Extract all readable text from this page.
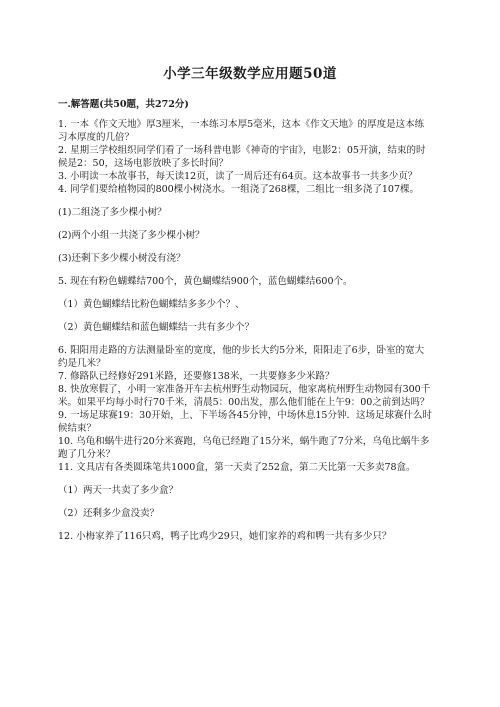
小学三年级数学应用题50道
一.解答题(共50题，共272分)

1. 一本《作文天地》厚3厘米，一本练习本厚5毫米，这本《作文天地》的厚度是这本练习本厚度的几倍？

2. 星期三学校组织同学们看了一场科普电影《神奇的宇宙》，电影2：05开演，结束的时候是2：50，这场电影放映了多长时间？

3. 小明读一本故事书，每天读12页，读了一周后还有64页。这本故事书一共多少页？

4. 同学们要给植物园的800棵小树浇水。一组浇了268棵，二组比一组多浇了107棵。

(1)二组浇了多少棵小树？

(2)两个小组一共浇了多少棵小树？

(3)还剩下多少棵小树没有浇？

5. 现在有粉色蝴蝶结700个，黄色蝴蝶结900个，蓝色蝴蝶结600个。

（1）黄色蝴蝶结比粉色蝴蝶结多多少个？、

（2）黄色蝴蝶结和蓝色蝴蝶结一共有多少个？

6. 阳阳用走路的方法测量卧室的宽度，他的步长大约5分米，阳阳走了6步，卧室的宽大约是几米？

7. 修路队已经修好291米路，还要修138米，一共要修多少米路？

8. 快放寒假了，小明一家准备开车去杭州野生动物园玩，他家离杭州野生动物园有300千米。如果平均每小时行70千米，清晨5：00出发，那么他们能在上午9：00之前到达吗？

9. 一场足球赛19：30开始，上、下半场各45分钟，中场休息15分钟．这场足球赛什么时候结束？

10. 乌龟和蜗牛进行20分米赛跑，乌龟已经跑了15分米，蜗牛跑了7分米，乌龟比蜗牛多跑了几分米？

11. 文具店有各类圆珠笔共1000盒，第一天卖了252盒，第二天比第一天多卖78盒。

（1）两天一共卖了多少盒？

（2）还剩多少盒没卖？

12. 小梅家养了116只鸡，鸭子比鸡少29只，她们家养的鸡和鸭一共有多少只？
